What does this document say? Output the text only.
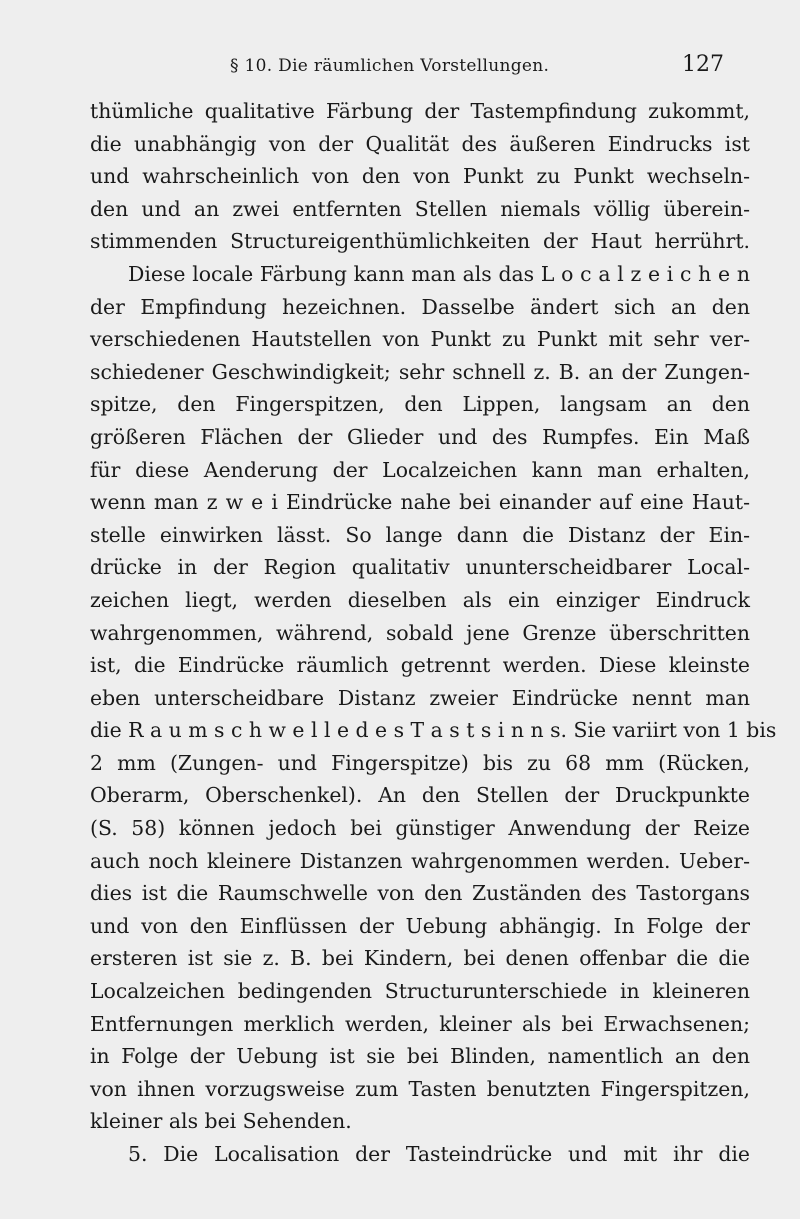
§ 10. Die räumlichen Vorstellungen.	127
thümliche qualitative Färbung der Tastempfindung zukommt,
die unabhängig von der Qualität des äußeren Eindrucks ist
und wahrscheinlich von den von Punkt zu Punkt wechseln-
den und an zwei entfernten Stellen niemals völlig überein-
stimmenden Structureigenthümlichkeiten der Haut herrührt.
Diese locale Färbung kann man als das L o c a l z e i c h e n
der Empfindung hezeichnen. Dasselbe ändert sich an den
verschiedenen Hautstellen von Punkt zu Punkt mit sehr ver-
schiedener Geschwindigkeit; sehr schnell z. B. an der Zungen-
spitze, den Fingerspitzen, den Lippen, langsam an den
größeren Flächen der Glieder und des Rumpfes. Ein Maß
für diese Aenderung der Localzeichen kann man erhalten,
wenn man z w e i Eindrücke nahe bei einander auf eine Haut-
stelle einwirken lässt. So lange dann die Distanz der Ein-
drücke in der Region qualitativ ununterscheidbarer Local-
zeichen liegt, werden dieselben als ein einziger Eindruck
wahrgenommen, während, sobald jene Grenze überschritten
ist, die Eindrücke räumlich getrennt werden. Diese kleinste
eben unterscheidbare Distanz zweier Eindrücke nennt man
die R a u m s c h w e l l e d e s T a s t s i n n s. Sie variirt von 1 bis
2 mm (Zungen- und Fingerspitze) bis zu 68 mm (Rücken,
Oberarm, Oberschenkel). An den Stellen der Druckpunkte
(S. 58) können jedoch bei günstiger Anwendung der Reize
auch noch kleinere Distanzen wahrgenommen werden. Ueber-
dies ist die Raumschwelle von den Zuständen des Tastorgans
und von den Einflüssen der Uebung abhängig. In Folge der
ersteren ist sie z. B. bei Kindern, bei denen offenbar die die
Localzeichen bedingenden Structurunterschiede in kleineren
Entfernungen merklich werden, kleiner als bei Erwachsenen;
in Folge der Uebung ist sie bei Blinden, namentlich an den
von ihnen vorzugsweise zum Tasten benutzten Fingerspitzen,
kleiner als bei Sehenden.
5. Die Localisation der Tasteindrücke und mit ihr die
